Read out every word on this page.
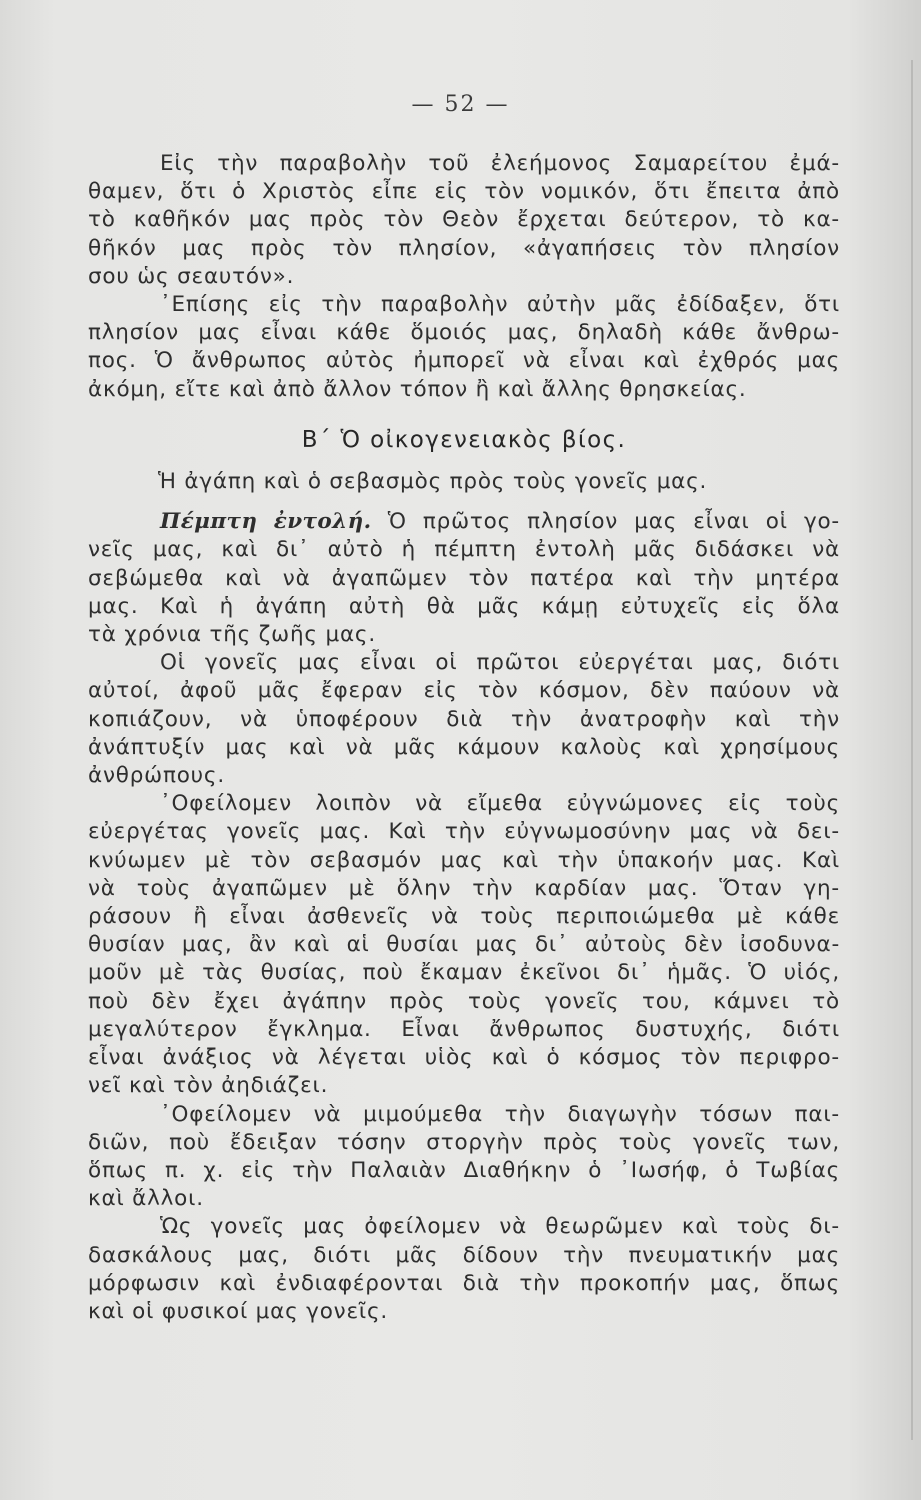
— 52 —
Εἰς τὴν παραβολὴν τοῦ ἐλεήμονος Σαμαρείτου ἐμά-
θαμεν, ὅτι ὁ Χριστὸς εἶπε εἰς τὸν νομικόν, ὅτι ἔπειτα ἀπὸ
τὸ καθῆκόν μας πρὸς τὸν Θεὸν ἔρχεται δεύτερον, τὸ κα-
θῆκόν μας πρὸς τὸν πλησίον, «ἀγαπήσεις τὸν πλησίον
σου ὡς σεαυτόν».
᾿Επίσης εἰς τὴν παραβολὴν αὐτὴν μᾶς ἐδίδαξεν, ὅτι
πλησίον μας εἶναι κάθε ὅμοιός μας, δηλαδὴ κάθε ἄνθρω-
πος. Ὁ ἄνθρωπος αὐτὸς ἠμπορεῖ νὰ εἶναι καὶ ἐχθρός μας
ἀκόμη, εἴτε καὶ ἀπὸ ἄλλον τόπον ἢ καὶ ἄλλης θρησκείας.
Β΄ Ὁ οἰκογενειακὸς βίος.
Ἡ ἀγάπη καὶ ὁ σεβασμὸς πρὸς τοὺς γονεῖς μας.
Πέμπτη ἐντολή. Ὁ πρῶτος πλησίον μας εἶναι οἱ γο-
νεῖς μας, καὶ δι᾿ αὐτὸ ἡ πέμπτη ἐντολὴ μᾶς διδάσκει νὰ
σεβώμεθα καὶ νὰ ἀγαπῶμεν τὸν πατέρα καὶ τὴν μητέρα
μας. Καὶ ἡ ἀγάπη αὐτὴ θὰ μᾶς κάμῃ εὐτυχεῖς εἰς ὅλα
τὰ χρόνια τῆς ζωῆς μας.
Οἱ γονεῖς μας εἶναι οἱ πρῶτοι εὐεργέται μας, διότι
αὐτοί, ἀφοῦ μᾶς ἔφεραν εἰς τὸν κόσμον, δὲν παύουν νὰ
κοπιάζουν, νὰ ὑποφέρουν διὰ τὴν ἀνατροφὴν καὶ τὴν
ἀνάπτυξίν μας καὶ νὰ μᾶς κάμουν καλοὺς καὶ χρησίμους
ἀνθρώπους.
᾿Οφείλομεν λοιπὸν νὰ εἴμεθα εὐγνώμονες εἰς τοὺς
εὐεργέτας γονεῖς μας. Καὶ τὴν εὐγνωμοσύνην μας νὰ δει-
κνύωμεν μὲ τὸν σεβασμόν μας καὶ τὴν ὑπακοήν μας. Καὶ
νὰ τοὺς ἀγαπῶμεν μὲ ὅλην τὴν καρδίαν μας. Ὅταν γη-
ράσουν ἢ εἶναι ἀσθενεῖς νὰ τοὺς περιποιώμεθα μὲ κάθε
θυσίαν μας, ἂν καὶ αἱ θυσίαι μας δι᾿ αὐτοὺς δὲν ἰσοδυνα-
μοῦν μὲ τὰς θυσίας, ποὺ ἔκαμαν ἐκεῖνοι δι᾿ ἡμᾶς. Ὁ υἱός,
ποὺ δὲν ἔχει ἀγάπην πρὸς τοὺς γονεῖς του, κάμνει τὸ
μεγαλύτερον ἔγκλημα. Εἶναι ἄνθρωπος δυστυχής, διότι
εἶναι ἀνάξιος νὰ λέγεται υἱὸς καὶ ὁ κόσμος τὸν περιφρο-
νεῖ καὶ τὸν ἀηδιάζει.
᾿Οφείλομεν νὰ μιμούμεθα τὴν διαγωγὴν τόσων παι-
διῶν, ποὺ ἔδειξαν τόσην στοργὴν πρὸς τοὺς γονεῖς των,
ὅπως π. χ. εἰς τὴν Παλαιὰν Διαθήκην ὁ ᾿Ιωσήφ, ὁ Τωβίας
καὶ ἄλλοι.
Ὡς γονεῖς μας ὀφείλομεν νὰ θεωρῶμεν καὶ τοὺς δι-
δασκάλους μας, διότι μᾶς δίδουν τὴν πνευματικήν μας
μόρφωσιν καὶ ἐνδιαφέρονται διὰ τὴν προκοπήν μας, ὅπως
καὶ οἱ φυσικοί μας γονεῖς.
